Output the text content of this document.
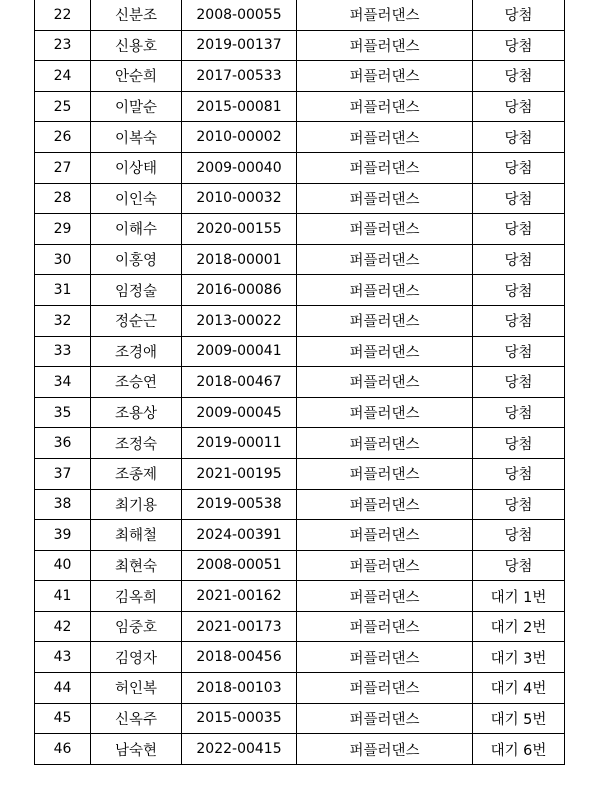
22	신분조	2008-00055	퍼플러댄스	당첨
23	신용호	2019-00137	퍼플러댄스	당첨
24	안순희	2017-00533	퍼플러댄스	당첨
25	이말순	2015-00081	퍼플러댄스	당첨
26	이복숙	2010-00002	퍼플러댄스	당첨
27	이상태	2009-00040	퍼플러댄스	당첨
28	이인숙	2010-00032	퍼플러댄스	당첨
29	이해수	2020-00155	퍼플러댄스	당첨
30	이홍영	2018-00001	퍼플러댄스	당첨
31	임정술	2016-00086	퍼플러댄스	당첨
32	정순근	2013-00022	퍼플러댄스	당첨
33	조경애	2009-00041	퍼플러댄스	당첨
34	조승연	2018-00467	퍼플러댄스	당첨
35	조용상	2009-00045	퍼플러댄스	당첨
36	조정숙	2019-00011	퍼플러댄스	당첨
37	조종제	2021-00195	퍼플러댄스	당첨
38	최기용	2019-00538	퍼플러댄스	당첨
39	최해철	2024-00391	퍼플러댄스	당첨
40	최현숙	2008-00051	퍼플러댄스	당첨
41	김옥희	2021-00162	퍼플러댄스	대기 1번
42	임중호	2021-00173	퍼플러댄스	대기 2번
43	김영자	2018-00456	퍼플러댄스	대기 3번
44	허인복	2018-00103	퍼플러댄스	대기 4번
45	신옥주	2015-00035	퍼플러댄스	대기 5번
46	남숙현	2022-00415	퍼플러댄스	대기 6번
